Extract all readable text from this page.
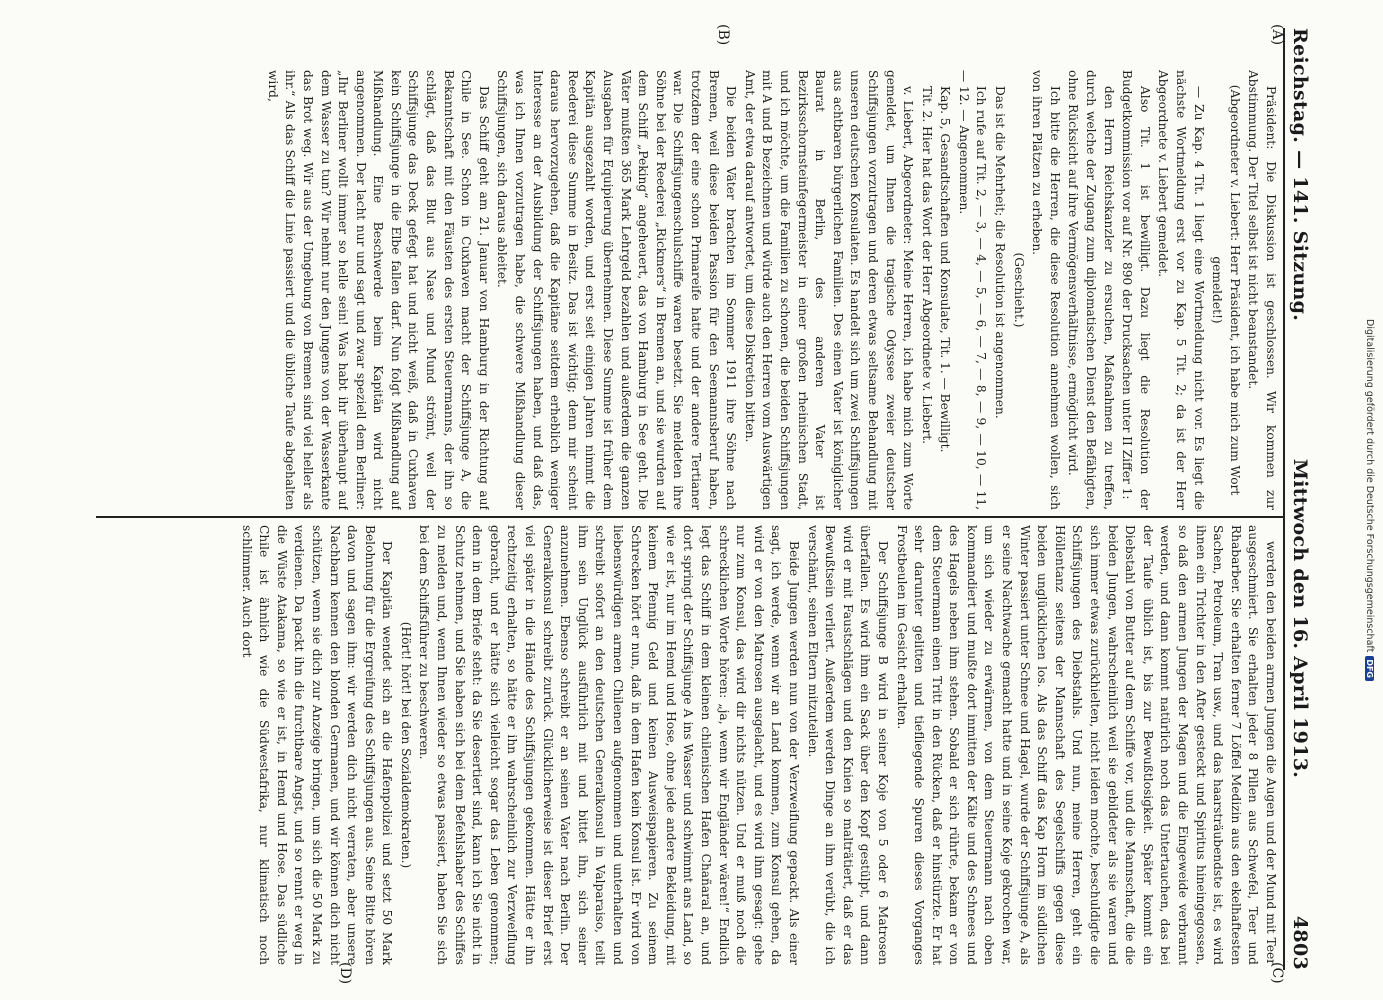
Digitalisierung gefördert durch die Deutsche ForschungsgemeinschaftDFG
Reichstag. — 141. Sitzung.
Mittwoch den 16. April 1913.
4803
(A)
(B)
(C)
(D)

Präsident: Die Diskussion ist geschlossen. Wir kommen zur Abstimmung. Der Titel selbst ist nicht beanstandet.

(Abgeordneter v. Liebert: Herr Präsident, ich habe mich zum Wort gemeldet!)

— Zu Kap. 4 Tit. 1 liegt eine Wortmeldung nicht vor. Es liegt die nächste Wortmeldung erst vor zu Kap. 5 Tit. 2; da ist der Herr Abgeordnete v. Liebert gemeldet.

Also Tit. 1 ist bewilligt. Dazu liegt die Resolution der Budgetkommission vor auf Nr. 890 der Drucksachen unter II Ziffer 1:

den Herrn Reichskanzler zu ersuchen, Maßnahmen zu treffen, durch welche der Zugang zum diplomatischen Dienst den Befähigten, ohne Rücksicht auf ihre Vermögensverhältnisse, ermöglicht wird.

Ich bitte die Herren, die diese Resolution annehmen wollen, sich von ihren Plätzen zu erheben.

(Geschieht.)

Das ist die Mehrheit; die Resolution ist angenommen.

Ich rufe auf Tit. 2, — 3, — 4, — 5, — 6, — 7, — 8, — 9, — 10, — 11, — 12. — Angenommen.

Kap. 5, Gesandtschaften und Konsulate, Tit. 1. — Bewilligt.

Tit. 2. Hier hat das Wort der Herr Abgeordnete v. Liebert.

v. Liebert, Abgeordneter: Meine Herren, ich habe mich zum Worte gemeldet, um Ihnen die tragische Odyssee zweier deutscher Schiffsjungen vorzutragen und deren etwas seltsame Behandlung mit unseren deutschen Konsulaten. Es handelt sich um zwei Schiffsjungen aus achtbaren bürgerlichen Familien. Des einen Vater ist königlicher Baurat in Berlin, des anderen Vater ist Bezirksschornsteinfegermeister in einer großen rheinischen Stadt, und ich möchte, um die Familien zu schonen, die beiden Schiffsjungen mit A und B bezeichnen und würde auch den Herren vom Auswärtigen Amt, der etwa darauf antwortet, um diese Diskretion bitten.

Die beiden Väter brachten im Sommer 1911 ihre Söhne nach Bremen, weil diese beiden Passion für den Seemannsberuf haben, trotzdem der eine schon Primareife hatte und der andere Tertianer war. Die Schiffsjungenschulschiffe waren besetzt. Sie meldeten ihre Söhne bei der Reederei „Rickmers“ in Bremen an, und sie wurden auf dem Schiff „Peking“ angeheuert, das von Hamburg in See geht. Die Väter mußten 365 Mark Lehrgeld bezahlen und außerdem die ganzen Ausgaben für Equipierung übernehmen. Diese Summe ist früher dem Kapitän ausgezahlt worden, und erst seit einigen Jahren nimmt die Reederei diese Summe in Besitz. Das ist wichtig; denn mir scheint daraus hervorzugehen, daß die Kapitäne seitdem erheblich weniger Interesse an der Ausbildung der Schiffsjungen haben, und daß das, was ich Ihnen vorzutragen habe, die schwere Mißhandlung dieser Schiffsjungen, sich daraus ableitet.

Das Schiff geht am 21. Januar von Hamburg in der Richtung auf Chile in See. Schon in Cuxhaven macht der Schiffsjunge A, die Bekanntschaft mit den Fäusten des ersten Steuermanns, der ihn so schlägt, daß das Blut aus Nase und Mund strömt, weil der Schiffsjunge das Deck gefegt hat und nicht weiß, daß in Cuxhaven kein Schiffsjunge in die Elbe fallen darf. Nun folgt Mißhandlung auf Mißhandlung. Eine Beschwerde beim Kapitän wird nicht angenommen. Der lacht nur und sagt und zwar speziell dem Berliner: „Ihr Berliner wollt immer so helle sein! Was habt ihr überhaupt auf dem Wasser zu tun? Wir nehmt nur den Jungens von der Wasserkante das Brot weg. Wir aus der Umgebung von Bremen sind viel heller als ihr.“ Als das Schiff die Linie passiert und die übliche Taufe abgehalten wird,

werden den beiden armen Jungen die Augen und der Mund mit Teer ausgeschmiert. Sie erhalten jeder 8 Pillen aus Schwefel, Teer und Rhabarber. Sie erhalten ferner 7 Löffel Medizin aus den ekelhaftesten Sachen, Petroleum, Tran usw., und das haarsträubendste ist, es wird ihnen ein Trichter in den After gesteckt und Spiritus hineingegossen, so daß den armen Jungen der Magen und die Eingeweide verbrannt werden, und dann kommt natürlich noch das Untertauchen, das bei der Taufe üblich ist, bis zur Bewußtlosigkeit. Später kommt ein Diebstahl von Butter auf dem Schiffe vor, und die Mannschaft, die die beiden Jungen, wahrscheinlich weil sie gebildeter als sie waren und sich immer etwas zurückhielten, nicht leiden mochte, beschuldigte die Schiffsjungen des Diebstahls. Und nun, meine Herren, geht ein Höllentanz seitens der Mannschaft des Segelschiffs gegen diese beiden unglücklichen los. Als das Schiff das Kap Horn im südlichen Winter passiert unter Schnee und Hagel, wurde der Schiffsjunge A, als er seine Nachtwache gemacht hatte und in seine Koje gekrochen war, um sich wieder zu erwärmen, von dem Steuermann nach oben kommandiert und mußte dort inmitten der Kälte und des Schnees und des Hagels neben ihm stehen. Sobald er sich rührte, bekam er von dem Steuermann einen Tritt in den Rücken, daß er hinstürzte. Er hat sehr darunter gelitten und tiefliegende Spuren dieses Vorganges Frostbeulen im Gesicht erhalten.

Der Schiffsjunge B wird in seiner Koje von 5 oder 6 Matrosen überfallen. Es wird ihm ein Sack über den Kopf gestülpt, und dann wird er mit Faustschlägen und den Knien so malträtiert, daß er das Bewußtsein verliert. Außerdem werden Dinge an ihm verübt, die ich verschämt, seinen Eltern mitzuteilen.

Beide Jungen werden nun von der Verzweiflung gepackt. Als einer sagt, ich werde, wenn wir an Land kommen, zum Konsul gehen, da wird er von den Matrosen ausgelacht, und es wird ihm gesagt: gehe nur zum Konsul, das wird dir nichts nützen. Und er muß noch die schrecklichen Worte hören: „ja, wenn wir Engländer wären!“ Endlich legt das Schiff in dem kleinen chilenischen Hafen Chañaral an, und dort springt der Schiffsjunge A ins Wasser und schwimmt ans Land, so wie er ist, nur im Hemd und Hose, ohne jede andere Bekleidung, mit keinem Pfennig Geld und keinen Ausweispapieren. Zu seinem Schrecken hört er nun, daß in dem Hafen kein Konsul ist. Er wird von liebenswürdigen armen Chilenen aufgenommen und unterhalten und schreibt sofort an den deutschen Generalkonsul in Valparaiso, teilt ihm sein Unglück ausführlich mit und bittet ihn, sich seiner anzunehmen. Ebenso schreibt er an seinen Vater nach Berlin. Der Generalkonsul schreibt zurück. Glücklicherweise ist dieser Brief erst viel später in die Hände des Schiffsjungen gekommen. Hätte er ihn rechtzeitig erhalten, so hätte er ihn wahrscheinlich zur Verzweiflung gebracht, und er hätte sich vielleicht sogar das Leben genommen; denn in dem Briefe steht: da Sie desertiert sind, kann ich Sie nicht in Schutz nehmen, und Sie haben sich bei dem Befehlshaber des Schiffes zu melden und, wenn Ihnen wieder so etwas passiert, haben Sie sich bei dem Schiffsführer zu beschweren.

(Hört! hört! bei den Sozialdemokraten.)

Der Kapitän wendet sich an die Hafenpolizei und setzt 50 Mark Belohnung für die Ergreifung des Schiffsjungen aus. Seine Bitte hören davon und sagen ihm: wir werden dich nicht verraten, aber unsere Nachbarn kennen den blonden Germanen, und wir können dich nicht schützen, wenn sie dich zur Anzeige bringen, um sich die 50 Mark zu verdienen. Da packt ihn die furchtbare Angst, und so rennt er weg in die Wüste Atakama, so wie er ist, in Hemd und Hose. Das südliche Chile ist ähnlich wie die Südwestafrika, nur klimatisch noch schlimmer. Auch dort
